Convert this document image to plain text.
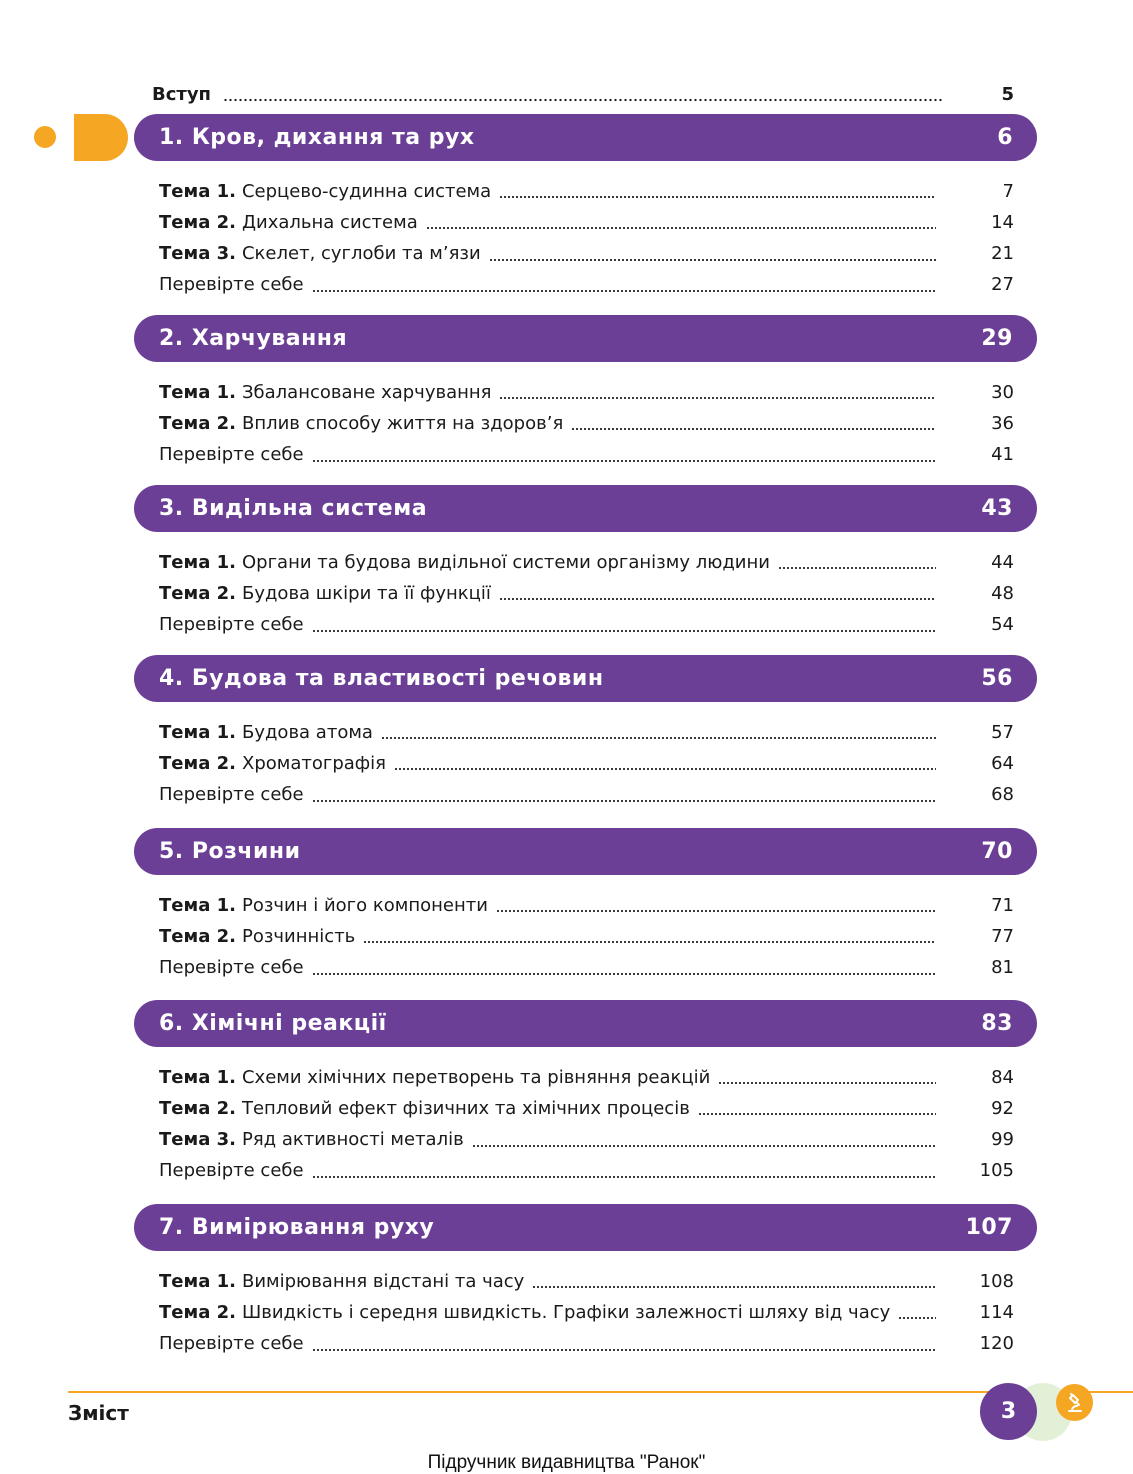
Вступ	5
1. Кров, дихання та рух	6
Тема 1. Серцево-судинна система	7
Тема 2. Дихальна система	14
Тема 3. Скелет, суглоби та м’язи	21
Перевірте себе	27
2. Харчування	29
Тема 1. Збалансоване харчування	30
Тема 2. Вплив способу життя на здоров’я	36
Перевірте себе	41
3. Видільна система	43
Тема 1. Органи та будова видільної системи організму людини	44
Тема 2. Будова шкіри та її функції	48
Перевірте себе	54
4. Будова та властивості речовин	56
Тема 1. Будова атома	57
Тема 2. Хроматографія	64
Перевірте себе	68
5. Розчини	70
Тема 1. Розчин і його компоненти	71
Тема 2. Розчинність	77
Перевірте себе	81
6. Хімічні реакції	83
Тема 1. Схеми хімічних перетворень та рівняння реакцій	84
Тема 2. Тепловий ефект фізичних та хімічних процесів	92
Тема 3. Ряд активності металів	99
Перевірте себе	105
7. Вимірювання руху	107
Тема 1. Вимірювання відстані та часу	108
Тема 2. Швидкість і середня швидкість. Графіки залежності шляху від часу	114
Перевірте себе	120
Зміст	3
Підручник видавництва "Ранок"
